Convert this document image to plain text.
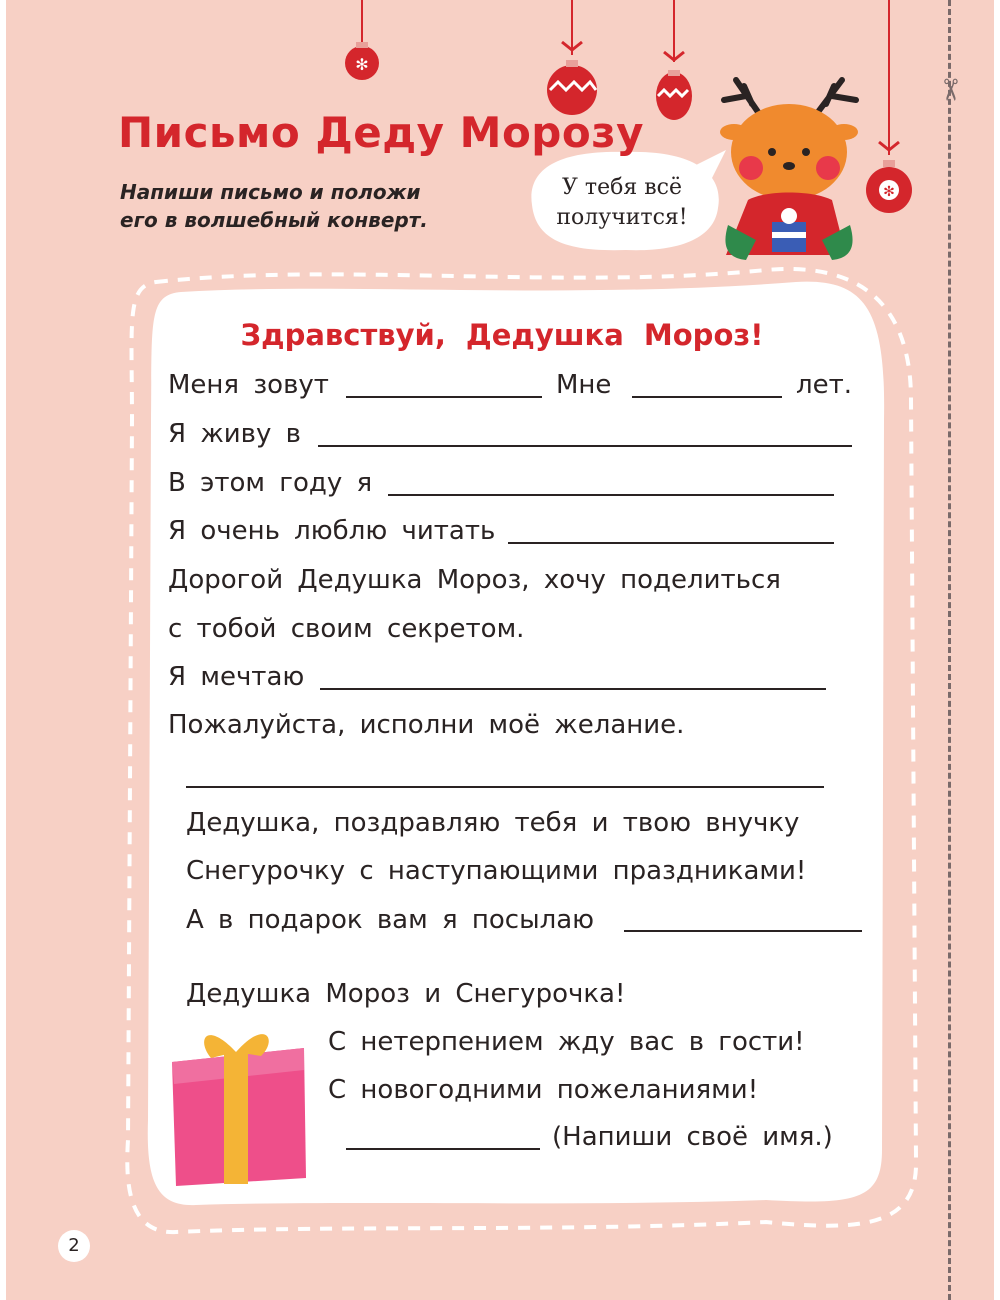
✻
✻
✂
Письмо Деду Морозу

Напиши письмо и положи
его в волшебный конверт.

У тебя всё
получится!

Здравствуй, Дедушка Мороз!

Меня зовут	Мне	лет.

Я живу в

В этом году я

Я очень люблю читать

Дорогой Дедушка Мороз, хочу поделиться

с тобой своим секретом.

Я мечтаю

Пожалуйста, исполни моё желание.

Дедушка, поздравляю тебя и твою внучку

Снегурочку с наступающими праздниками!

А в подарок вам я посылаю

Дедушка Мороз и Снегурочка!

С нетерпением жду вас в гости!

С новогодними пожеланиями!

(Напиши своё имя.)

2
